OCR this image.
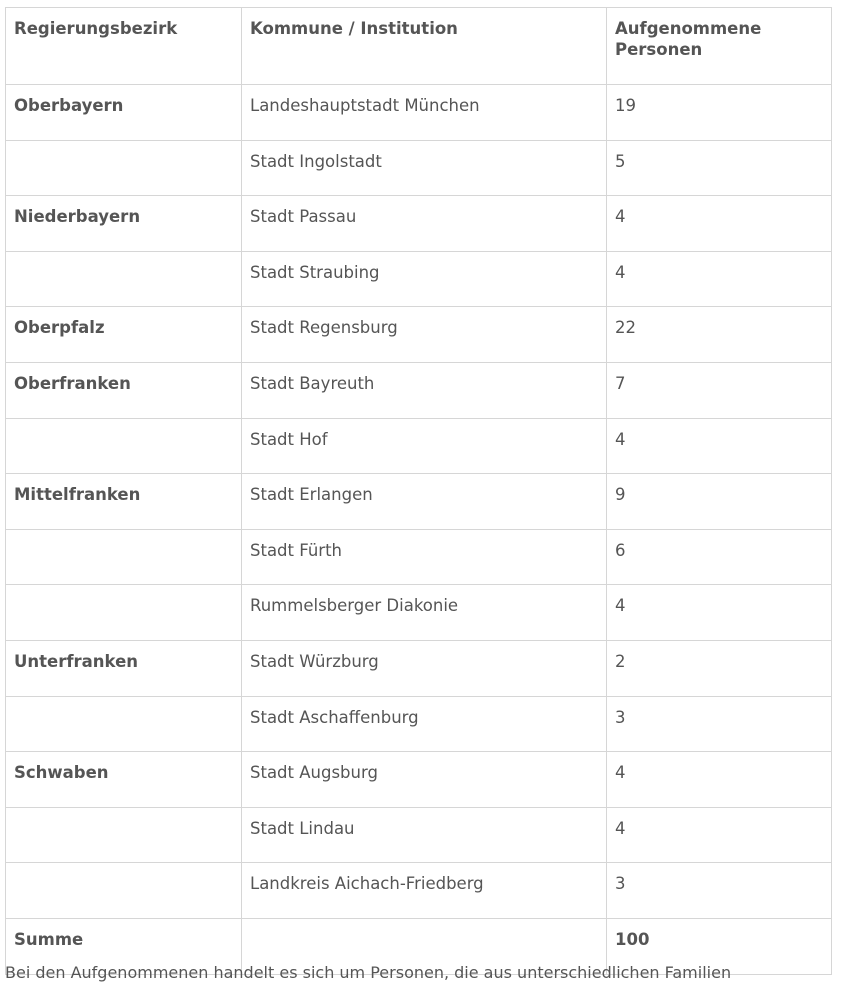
Regierungsbezirk	Kommune / Institution	Aufgenommene Personen
Oberbayern	Landeshauptstadt München	19
	Stadt Ingolstadt	5
Niederbayern	Stadt Passau	4
	Stadt Straubing	4
Oberpfalz	Stadt Regensburg	22
Oberfranken	Stadt Bayreuth	7
	Stadt Hof	4
Mittelfranken	Stadt Erlangen	9
	Stadt Fürth	6
	Rummelsberger Diakonie	4
Unterfranken	Stadt Würzburg	2
	Stadt Aschaffenburg	3
Schwaben	Stadt Augsburg	4
	Stadt Lindau	4
	Landkreis Aichach-Friedberg	3
Summe		100
Bei den Aufgenommenen handelt es sich um Personen, die aus unterschiedlichen Familien
